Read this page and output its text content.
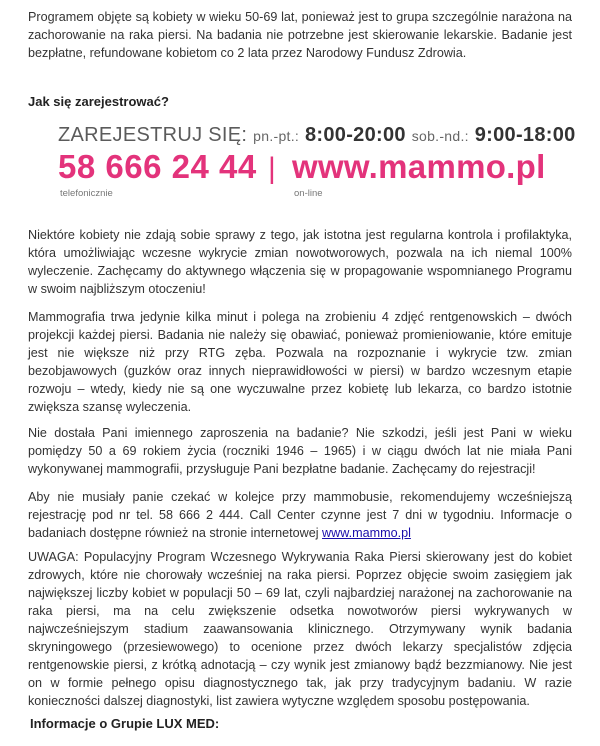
Programem objęte są kobiety w wieku 50-69 lat, ponieważ jest to grupa szczególnie narażona na zachorowanie na raka piersi. Na badania nie potrzebne jest skierowanie lekarskie. Badanie jest bezpłatne, refundowane kobietom co 2 lata przez Narodowy Fundusz Zdrowia.

Jak się zarejestrować?

ZAREJESTRUJ SIĘ: pn.-pt.: 8:00-20:00 sob.-nd.: 9:00-18:00
58 666 24 44 | www.mammo.pl
telefonicznie	on-line

Niektóre kobiety nie zdają sobie sprawy z tego, jak istotna jest regularna kontrola i profilaktyka, która umożliwiając wczesne wykrycie zmian nowotworowych, pozwala na ich niemal 100% wyleczenie. Zachęcamy do aktywnego włączenia się w propagowanie wspomnianego Programu w swoim najbliższym otoczeniu!

Mammografia trwa jedynie kilka minut i polega na zrobieniu 4 zdjęć rentgenowskich – dwóch projekcji każdej piersi. Badania nie należy się obawiać, ponieważ promieniowanie, które emituje jest nie większe niż przy RTG zęba. Pozwala na rozpoznanie i wykrycie tzw. zmian bezobjawowych (guzków oraz innych nieprawidłowości w piersi) w bardzo wczesnym etapie rozwoju – wtedy, kiedy nie są one wyczuwalne przez kobietę lub lekarza, co bardzo istotnie zwiększa szansę wyleczenia.

Nie dostała Pani imiennego zaproszenia na badanie? Nie szkodzi, jeśli jest Pani w wieku pomiędzy 50 a 69 rokiem życia (roczniki 1946 – 1965) i w ciągu dwóch lat nie miała Pani wykonywanej mammografii, przysługuje Pani bezpłatne badanie. Zachęcamy do rejestracji!

Aby nie musiały panie czekać w kolejce przy mammobusie, rekomendujemy wcześniejszą rejestrację pod nr tel. 58 666 2 444. Call Center czynne jest 7 dni w tygodniu. Informacje o badaniach dostępne również na stronie internetowej www.mammo.pl

UWAGA: Populacyjny Program Wczesnego Wykrywania Raka Piersi skierowany jest do kobiet zdrowych, które nie chorowały wcześniej na raka piersi. Poprzez objęcie swoim zasięgiem jak największej liczby kobiet w populacji 50 – 69 lat, czyli najbardziej narażonej na zachorowanie na raka piersi, ma na celu zwiększenie odsetka nowotworów piersi wykrywanych w najwcześniejszym stadium zaawansowania klinicznego. Otrzymywany wynik badania skryningowego (przesiewowego) to ocenione przez dwóch lekarzy specjalistów zdjęcia rentgenowskie piersi, z krótką adnotacją – czy wynik jest zmianowy bądź bezzmianowy. Nie jest on w formie pełnego opisu diagnostycznego tak, jak przy tradycyjnym badaniu. W razie konieczności dalszej diagnostyki, list zawiera wytyczne względem sposobu postępowania.

Informacje o Grupie LUX MED:
